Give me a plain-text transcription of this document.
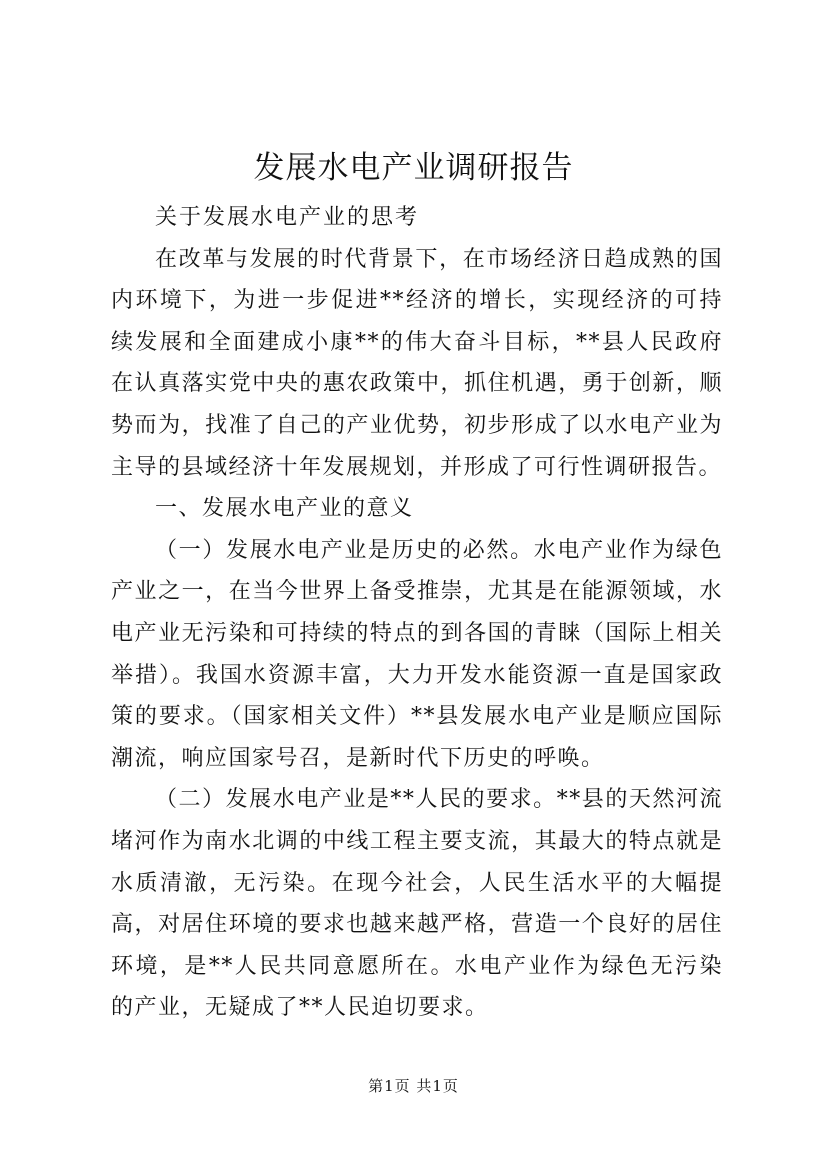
发展水电产业调研报告

关于发展水电产业的思考

在改革与发展的时代背景下，在市场经济日趋成熟的国内环境下，为进一步促进**经济的增长，实现经济的可持续发展和全面建成小康**的伟大奋斗目标，**县人民政府在认真落实党中央的惠农政策中，抓住机遇，勇于创新，顺势而为，找准了自己的产业优势，初步形成了以水电产业为主导的县域经济十年发展规划，并形成了可行性调研报告。

一、发展水电产业的意义

（一）发展水电产业是历史的必然。水电产业作为绿色产业之一，在当今世界上备受推崇，尤其是在能源领域，水电产业无污染和可持续的特点的到各国的青睐（国际上相关举措）。我国水资源丰富，大力开发水能资源一直是国家政策的要求。（国家相关文件）**县发展水电产业是顺应国际潮流，响应国家号召，是新时代下历史的呼唤。

（二）发展水电产业是**人民的要求。**县的天然河流堵河作为南水北调的中线工程主要支流，其最大的特点就是水质清澈，无污染。在现今社会，人民生活水平的大幅提高，对居住环境的要求也越来越严格，营造一个良好的居住环境，是**人民共同意愿所在。水电产业作为绿色无污染的产业，无疑成了**人民迫切要求。

第1页 共1页
